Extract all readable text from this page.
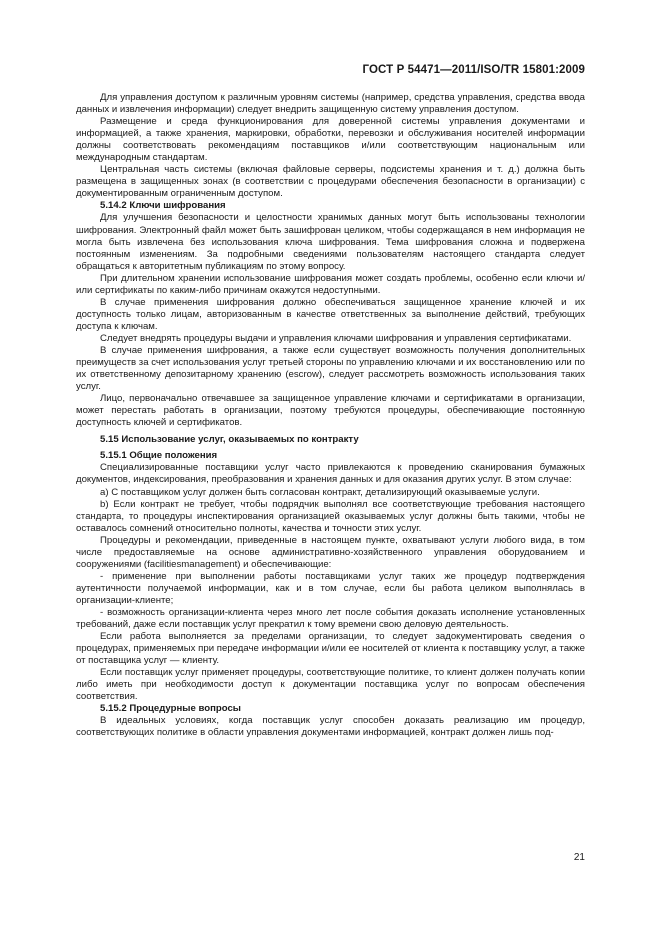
ГОСТ Р 54471—2011/ISO/TR 15801:2009

Для управления доступом к различным уровням системы (например, средства управления, средства ввода данных и извлечения информации) следует внедрить защищенную систему управления доступом.

Размещение и среда функционирования для доверенной системы управления документами и информацией, а также хранения, маркировки, обработки, перевозки и обслуживания носителей информации должны соответствовать рекомендациям поставщиков и/или соответствующим национальным или международным стандартам.

Центральная часть системы (включая файловые серверы, подсистемы хранения и т. д.) должна быть размещена в защищенных зонах (в соответствии с процедурами обеспечения безопасности в организации) с документированным ограниченным доступом.

5.14.2 Ключи шифрования

Для улучшения безопасности и целостности хранимых данных могут быть использованы технологии шифрования. Электронный файл может быть зашифрован целиком, чтобы содержащаяся в нем информация не могла быть извлечена без использования ключа шифрования. Тема шифрования сложна и подвержена постоянным изменениям. За подробными сведениями пользователям настоящего стандарта следует обращаться к авторитетным публикациям по этому вопросу.

При длительном хранении использование шифрования может создать проблемы, особенно если ключи и/или сертификаты по каким-либо причинам окажутся недоступными.

В случае применения шифрования должно обеспечиваться защищенное хранение ключей и их доступность только лицам, авторизованным в качестве ответственных за выполнение действий, требующих доступа к ключам.

Следует внедрять процедуры выдачи и управления ключами шифрования и управления сертификатами.

В случае применения шифрования, а также если существует возможность получения дополнительных преимуществ за счет использования услуг третьей стороны по управлению ключами и их восстановлению или по их ответственному депозитарному хранению (escrow), следует рассмотреть возможность использования таких услуг.

Лицо, первоначально отвечавшее за защищенное управление ключами и сертификатами в организации, может перестать работать в организации, поэтому требуются процедуры, обеспечивающие постоянную доступность ключей и сертификатов.

5.15 Использование услуг, оказываемых по контракту

5.15.1 Общие положения

Специализированные поставщики услуг часто привлекаются к проведению сканирования бумажных документов, индексирования, преобразования и хранения данных и для оказания других услуг. В этом случае:

a) С поставщиком услуг должен быть согласован контракт, детализирующий оказываемые услуги.

b) Если контракт не требует, чтобы подрядчик выполнял все соответствующие требования настоящего стандарта, то процедуры инспектирования организацией оказываемых услуг должны быть такими, чтобы не оставалось сомнений относительно полноты, качества и точности этих услуг.

Процедуры и рекомендации, приведенные в настоящем пункте, охватывают услуги любого вида, в том числе предоставляемые на основе административно-хозяйственного управления оборудованием и сооружениями (facilitiesmanagement) и обеспечивающие:

- применение при выполнении работы поставщиками услуг таких же процедур подтверждения аутентичности получаемой информации, как и в том случае, если бы работа целиком выполнялась в организации-клиенте;

- возможность организации-клиента через много лет после события доказать исполнение установленных требований, даже если поставщик услуг прекратил к тому времени свою деловую деятельность.

Если работа выполняется за пределами организации, то следует задокументировать сведения о процедурах, применяемых при передаче информации и/или ее носителей от клиента к поставщику услуг, а также от поставщика услуг — клиенту.

Если поставщик услуг применяет процедуры, соответствующие политике, то клиент должен получать копии либо иметь при необходимости доступ к документации поставщика услуг по вопросам обеспечения соответствия.

5.15.2 Процедурные вопросы

В идеальных условиях, когда поставщик услуг способен доказать реализацию им процедур, соответствующих политике в области управления документами информацией, контракт должен лишь под-

21
